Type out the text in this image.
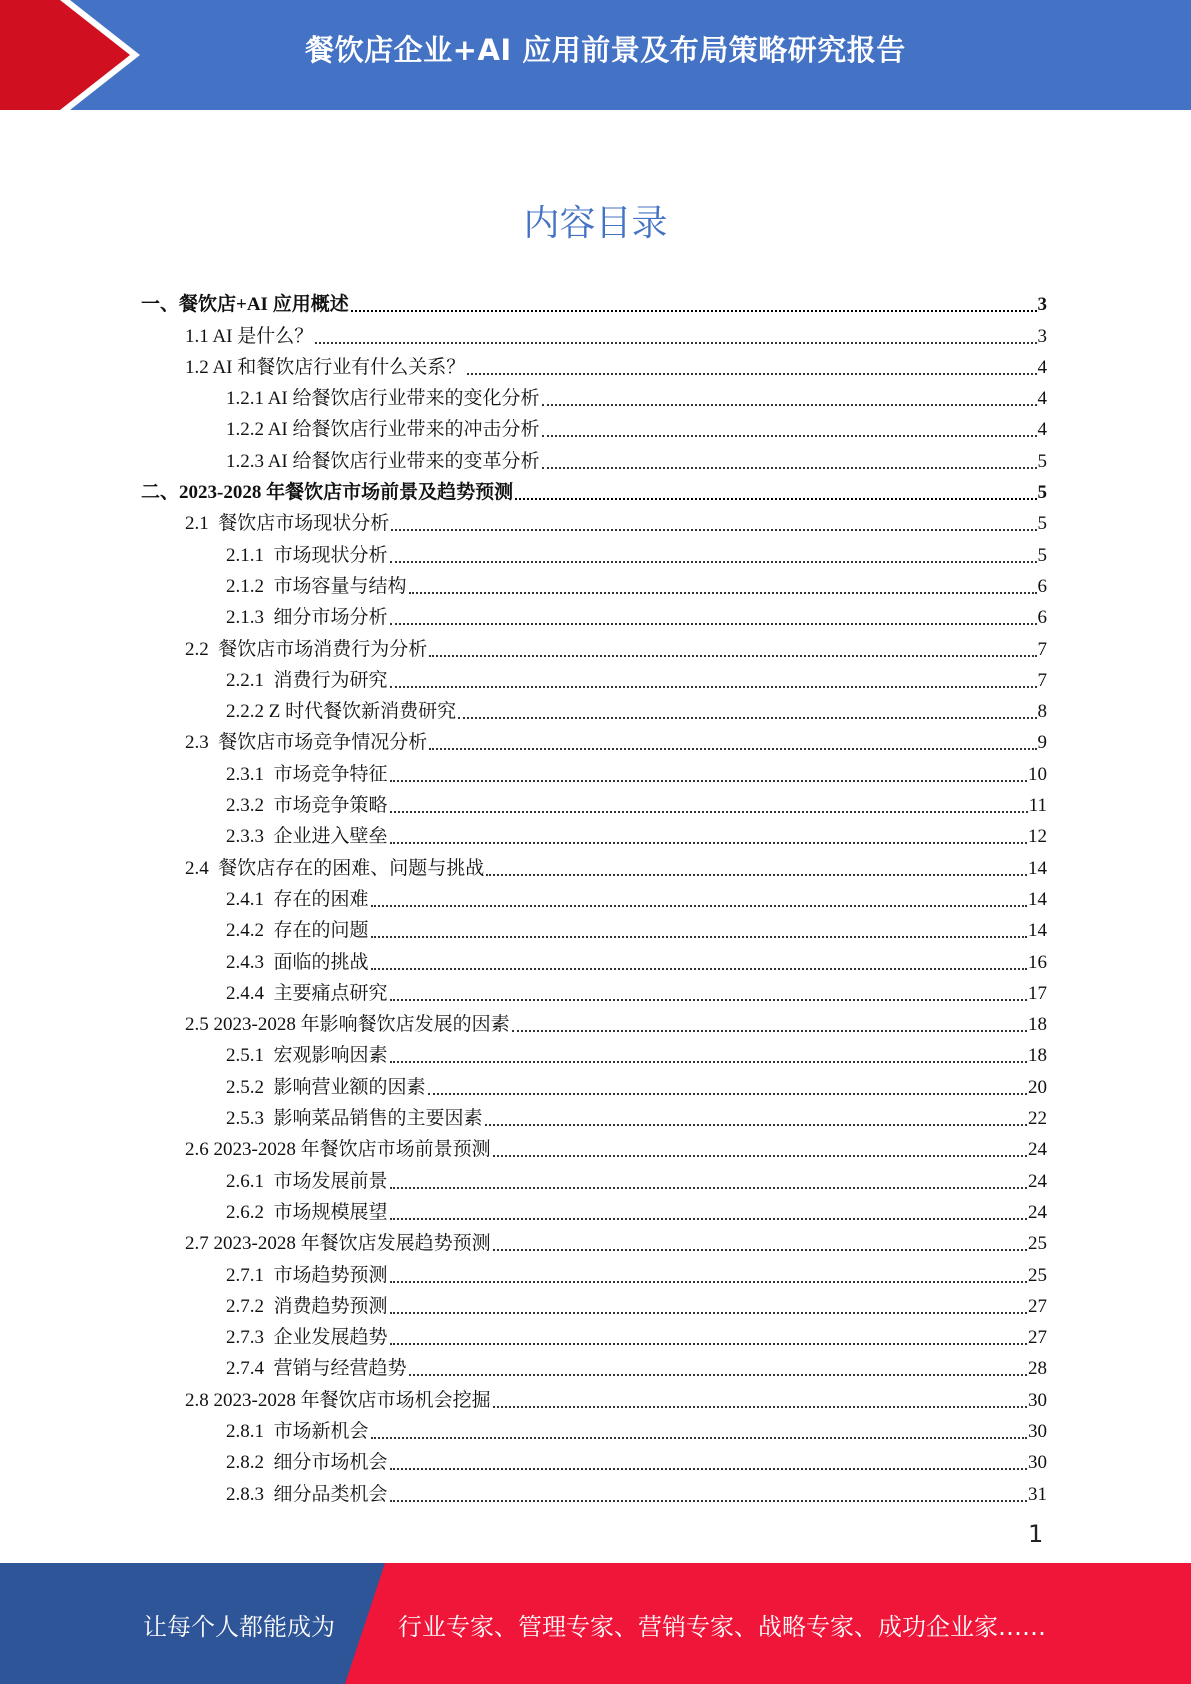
餐饮店企业+AI 应用前景及布局策略研究报告
内容目录
一、餐饮店+AI 应用概述	3
1.1 AI 是什么？	3
1.2 AI 和餐饮店行业有什么关系？	4
1.2.1 AI 给餐饮店行业带来的变化分析	4
1.2.2 AI 给餐饮店行业带来的冲击分析	4
1.2.3 AI 给餐饮店行业带来的变革分析	5
二、2023-2028 年餐饮店市场前景及趋势预测	5
2.1  餐饮店市场现状分析	5
2.1.1  市场现状分析	5
2.1.2  市场容量与结构	6
2.1.3  细分市场分析	6
2.2  餐饮店市场消费行为分析	7
2.2.1  消费行为研究	7
2.2.2 Z 时代餐饮新消费研究	8
2.3  餐饮店市场竞争情况分析	9
2.3.1  市场竞争特征	10
2.3.2  市场竞争策略	11
2.3.3  企业进入壁垒	12
2.4  餐饮店存在的困难、问题与挑战	14
2.4.1  存在的困难	14
2.4.2  存在的问题	14
2.4.3  面临的挑战	16
2.4.4  主要痛点研究	17
2.5 2023-2028 年影响餐饮店发展的因素	18
2.5.1  宏观影响因素	18
2.5.2  影响营业额的因素	20
2.5.3  影响菜品销售的主要因素	22
2.6 2023-2028 年餐饮店市场前景预测	24
2.6.1  市场发展前景	24
2.6.2  市场规模展望	24
2.7 2023-2028 年餐饮店发展趋势预测	25
2.7.1  市场趋势预测	25
2.7.2  消费趋势预测	27
2.7.3  企业发展趋势	27
2.7.4  营销与经营趋势	28
2.8 2023-2028 年餐饮店市场机会挖掘	30
2.8.1  市场新机会	30
2.8.2  细分市场机会	30
2.8.3  细分品类机会	31
1
让每个人都能成为	行业专家、管理专家、营销专家、战略专家、成功企业家……
